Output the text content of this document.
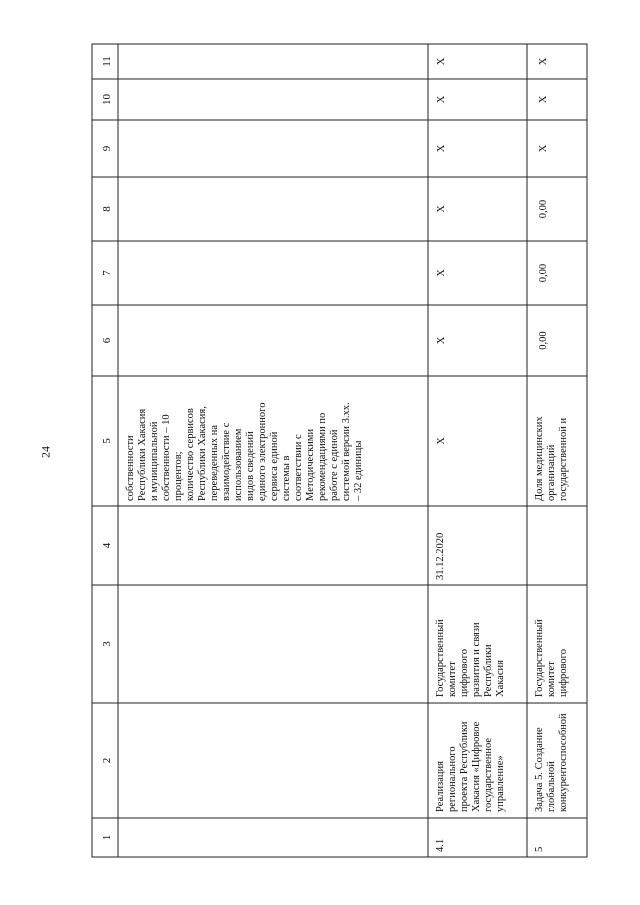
24
1
2
3
4
5
6
7
8
9
10
11
собственности
Республики Хакасия
и муниципальной
собственности – 10
процентов;
количество сервисов
Республики Хакасия,
переведенных на
взаимодействие с
использованием
видов сведений
единого электронного
сервиса единой
системы в
соответствии с
Методическими
рекомендациями по
работе с единой
системой версии 3.хх.
– 32 единицы
4.1
Реализация
регионального
проекта Республики
Хакасия «Цифровое
государственное
управление»
Государственный
комитет
цифрового
развития и связи
Республики
Хакасия
31.12.2020
Х
Х
Х
Х
Х
Х
Х
5
Задача 5. Создание
глобальной
конкурентоспособной
Государственный
комитет
цифрового
Доля медицинских
организаций
государственной и
0,00
0,00
0,00
Х
Х
Х
